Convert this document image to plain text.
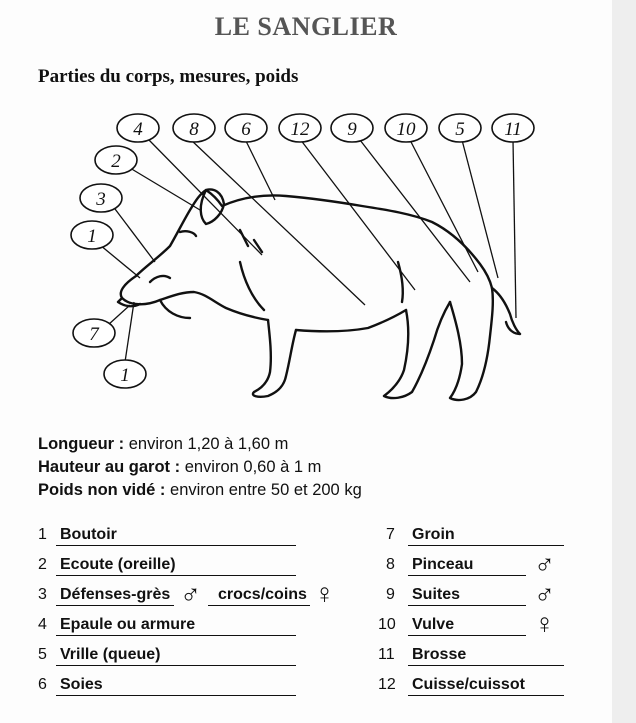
LE SANGLIER
Parties du corps, mesures, poids
4 8 6 12 9 10 5 11
2
3
1
7
1
Longueur : environ 1,20 à 1,60 m
Hauteur au garot : environ 0,60 à 1 m
Poids non vidé : environ entre 50 et 200 kg
1 Boutoir
2 Ecoute (oreille)
3 Défenses-grès ♂ crocs/coins ♀
4 Epaule ou armure
5 Vrille (queue)
6 Soies
7 Groin
8 Pinceau ♂
9 Suites	♂
10 Vulve	♀
11 Brosse
12 Cuisse/cuissot
